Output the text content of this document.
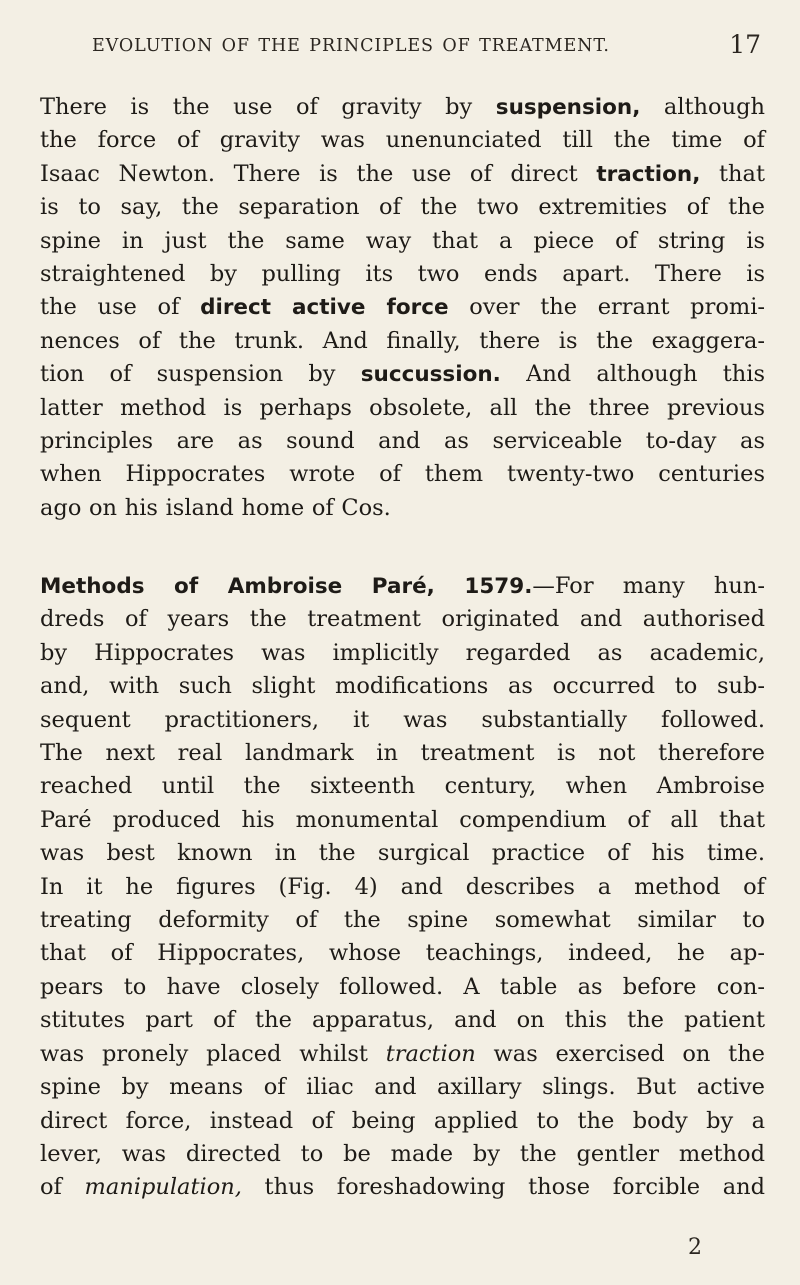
EVOLUTION OF THE PRINCIPLES OF TREATMENT.	17

There is the use of gravity by suspension, although
the force of gravity was unenunciated till the time of
Isaac Newton. There is the use of direct traction, that
is to say, the separation of the two extremities of the
spine in just the same way that a piece of string is
straightened by pulling its two ends apart. There is
the use of direct active force over the errant promi-
nences of the trunk. And finally, there is the exaggera-
tion of suspension by succussion. And although this
latter method is perhaps obsolete, all the three previous
principles are as sound and as serviceable to-day as
when Hippocrates wrote of them twenty-two centuries
ago on his island home of Cos.

Methods of Ambroise Paré, 1579.—For many hun-
dreds of years the treatment originated and authorised
by Hippocrates was implicitly regarded as academic,
and, with such slight modifications as occurred to sub-
sequent practitioners, it was substantially followed.
The next real landmark in treatment is not therefore
reached until the sixteenth century, when Ambroise
Paré produced his monumental compendium of all that
was best known in the surgical practice of his time.
In it he figures (Fig. 4) and describes a method of
treating deformity of the spine somewhat similar to
that of Hippocrates, whose teachings, indeed, he ap-
pears to have closely followed. A table as before con-
stitutes part of the apparatus, and on this the patient
was pronely placed whilst traction was exercised on the
spine by means of iliac and axillary slings. But active
direct force, instead of being applied to the body by a
lever, was directed to be made by the gentler method
of manipulation, thus foreshadowing those forcible and

2
